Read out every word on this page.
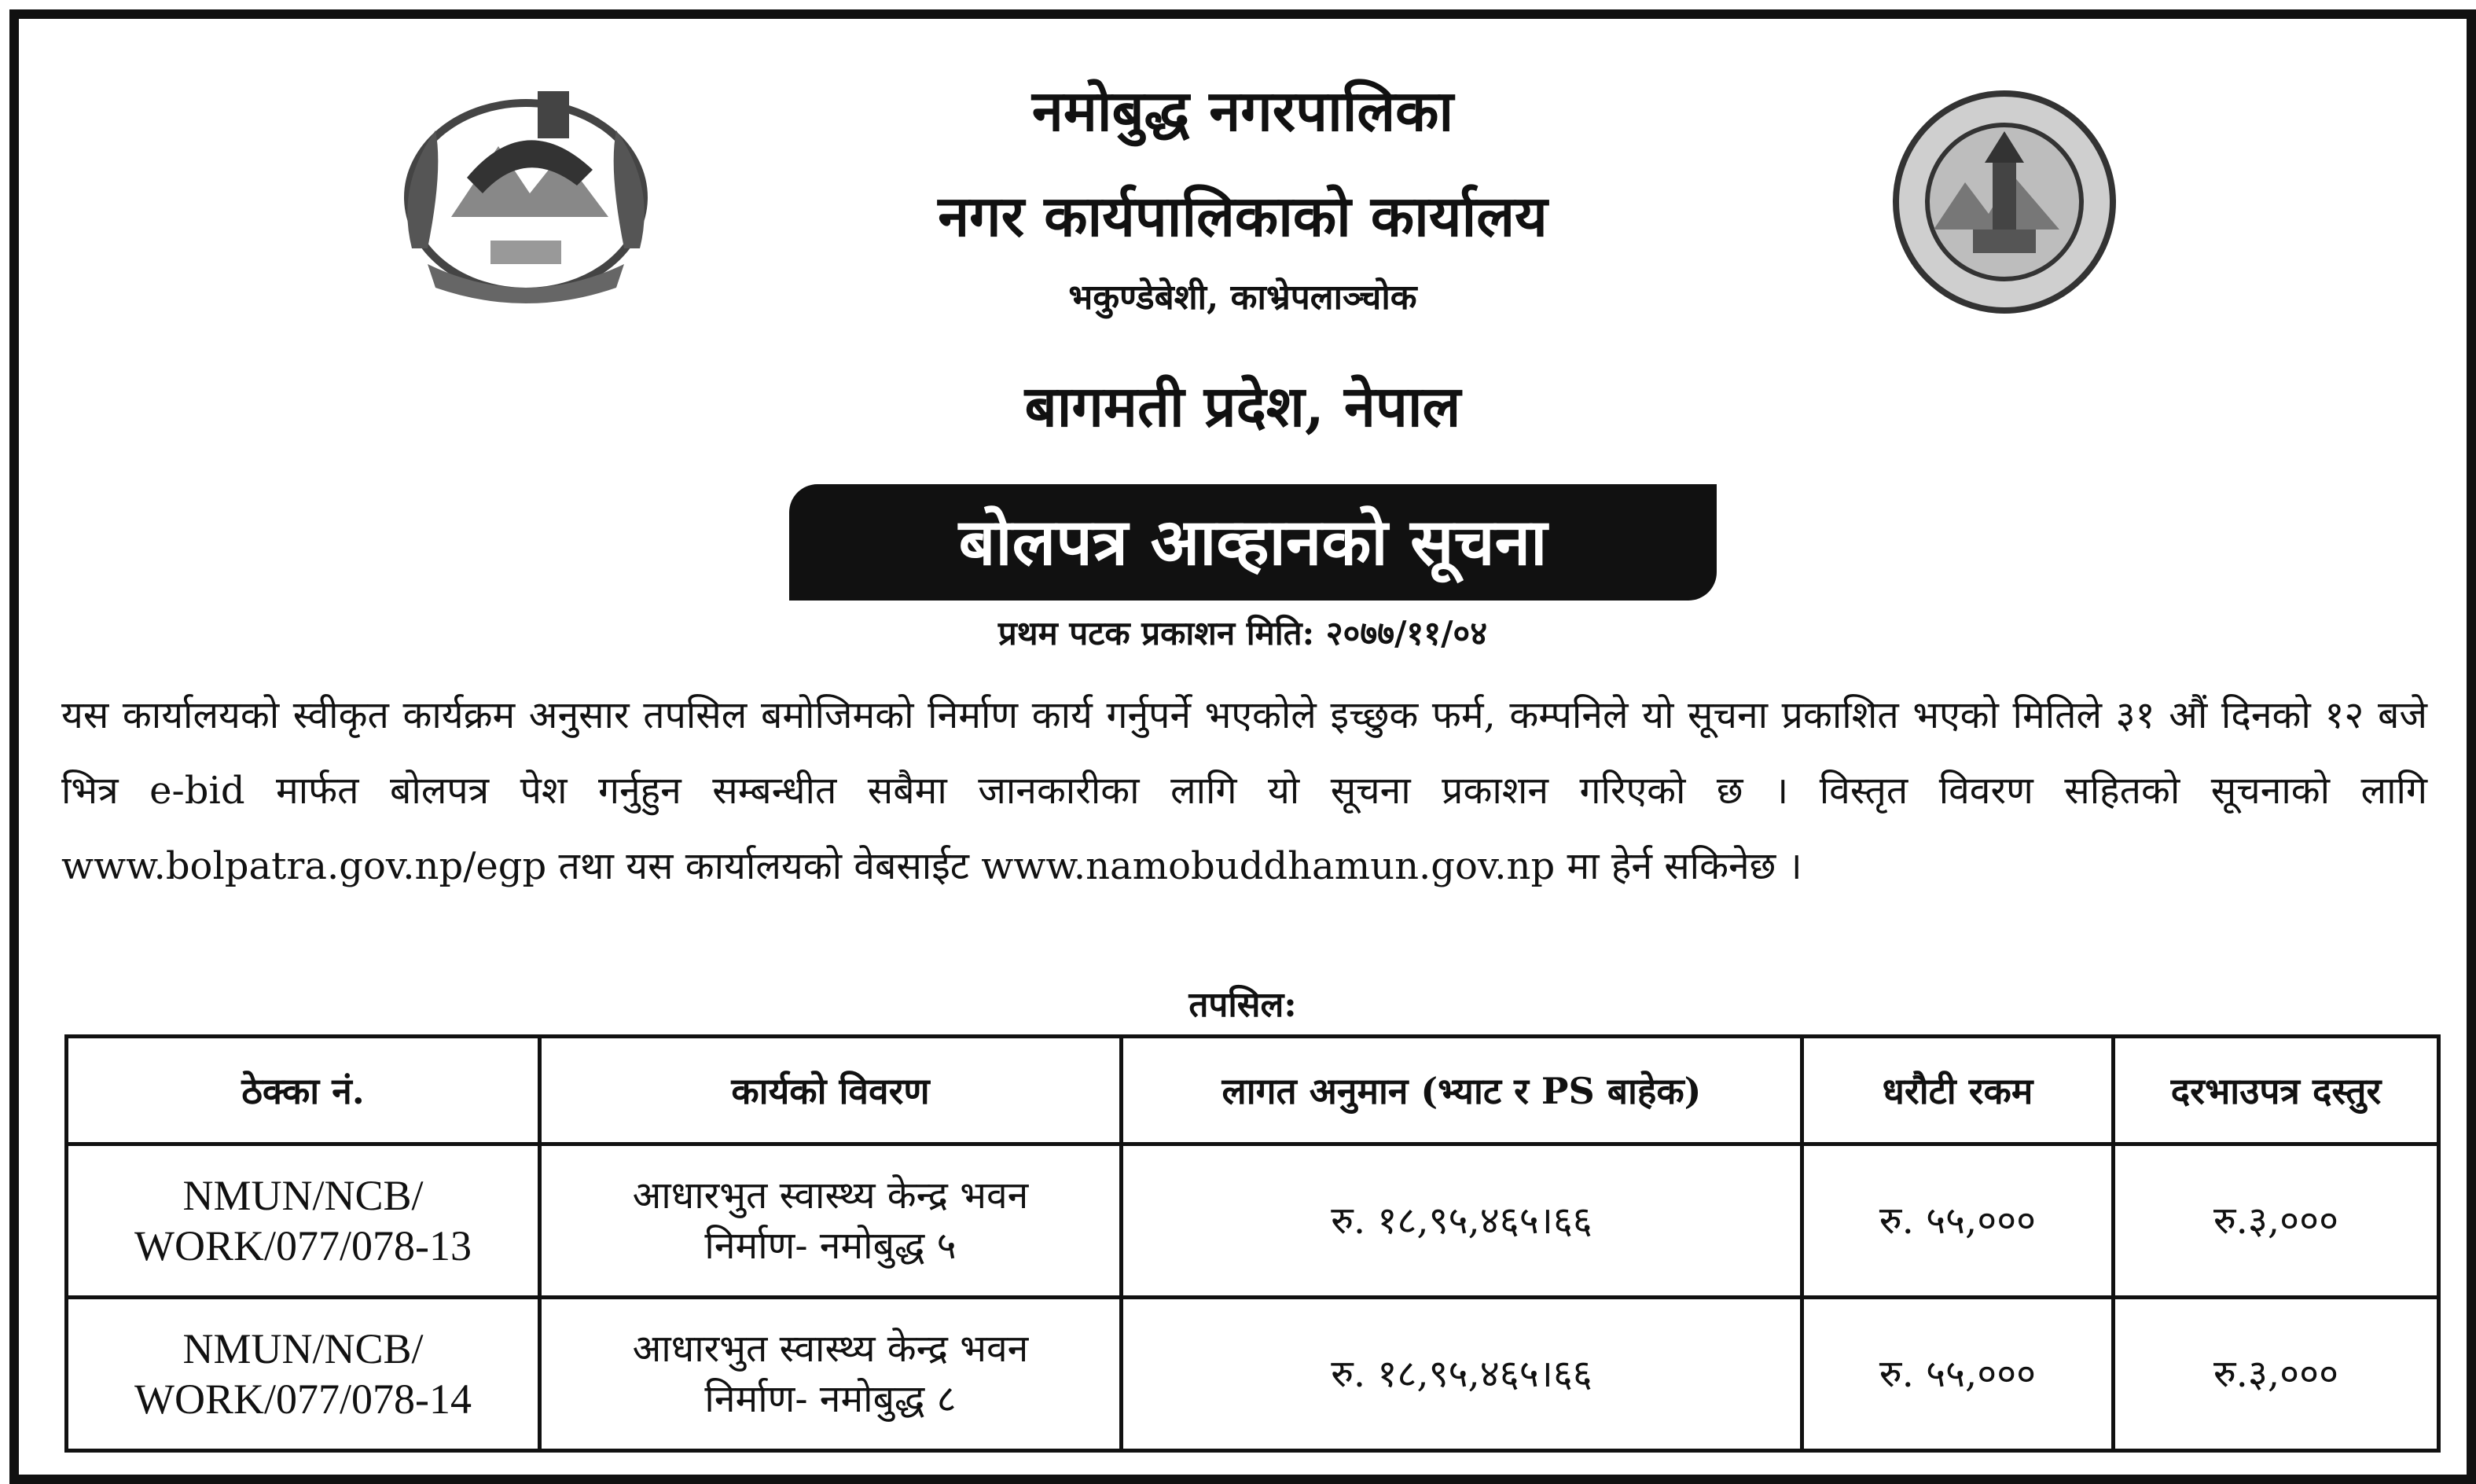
नमोबुद्ध नगरपालिका
नगर कार्यपालिकाको कार्यालय
भकुण्डेबेशी, काभ्रेपलाञ्चोक
बागमती प्रदेश, नेपाल
बोलपत्र आव्हानको सूचना
प्रथम पटक प्रकाशन मिति: २०७७/११/०४
यस कार्यालयको स्वीकृत कार्यक्रम अनुसार तपसिल बमोजिमको निर्माण कार्य गर्नुपर्ने भएकोले इच्छुक फर्म, कम्पनिले यो सूचना प्रकाशित भएको मितिले ३१ औं दिनको १२ बजे भित्र e-bid मार्फत बोलपत्र पेश गर्नुहुन सम्बन्धीत सबैमा जानकारीका लागि यो सूचना प्रकाशन गरिएको छ । विस्तृत विवरण सहितको सूचनाको लागि www.bolpatra.gov.np/egp तथा यस कार्यालयको वेबसाईट www.namobuddhamun.gov.np मा हेर्न सकिनेछ ।
तपसिल:
ठेक्का नं.	कार्यको विवरण	लागत अनुमान (भ्याट र PS बाहेक)	धरौटी रकम	दरभाउपत्र दस्तुर

NMUN/NCB/
WORK/077/078-13	आधारभुत स्वास्थ्य केन्द्र भवन
निर्माण- नमोबुद्ध ५	रु. १८,९५,४६५।६६	रु. ५५,०००	रु.३,०००

NMUN/NCB/
WORK/077/078-14	आधारभुत स्वास्थ्य केन्द्र भवन
निर्माण- नमोबुद्ध ८	रु. १८,९५,४६५।६६	रु. ५५,०००	रु.३,०००
